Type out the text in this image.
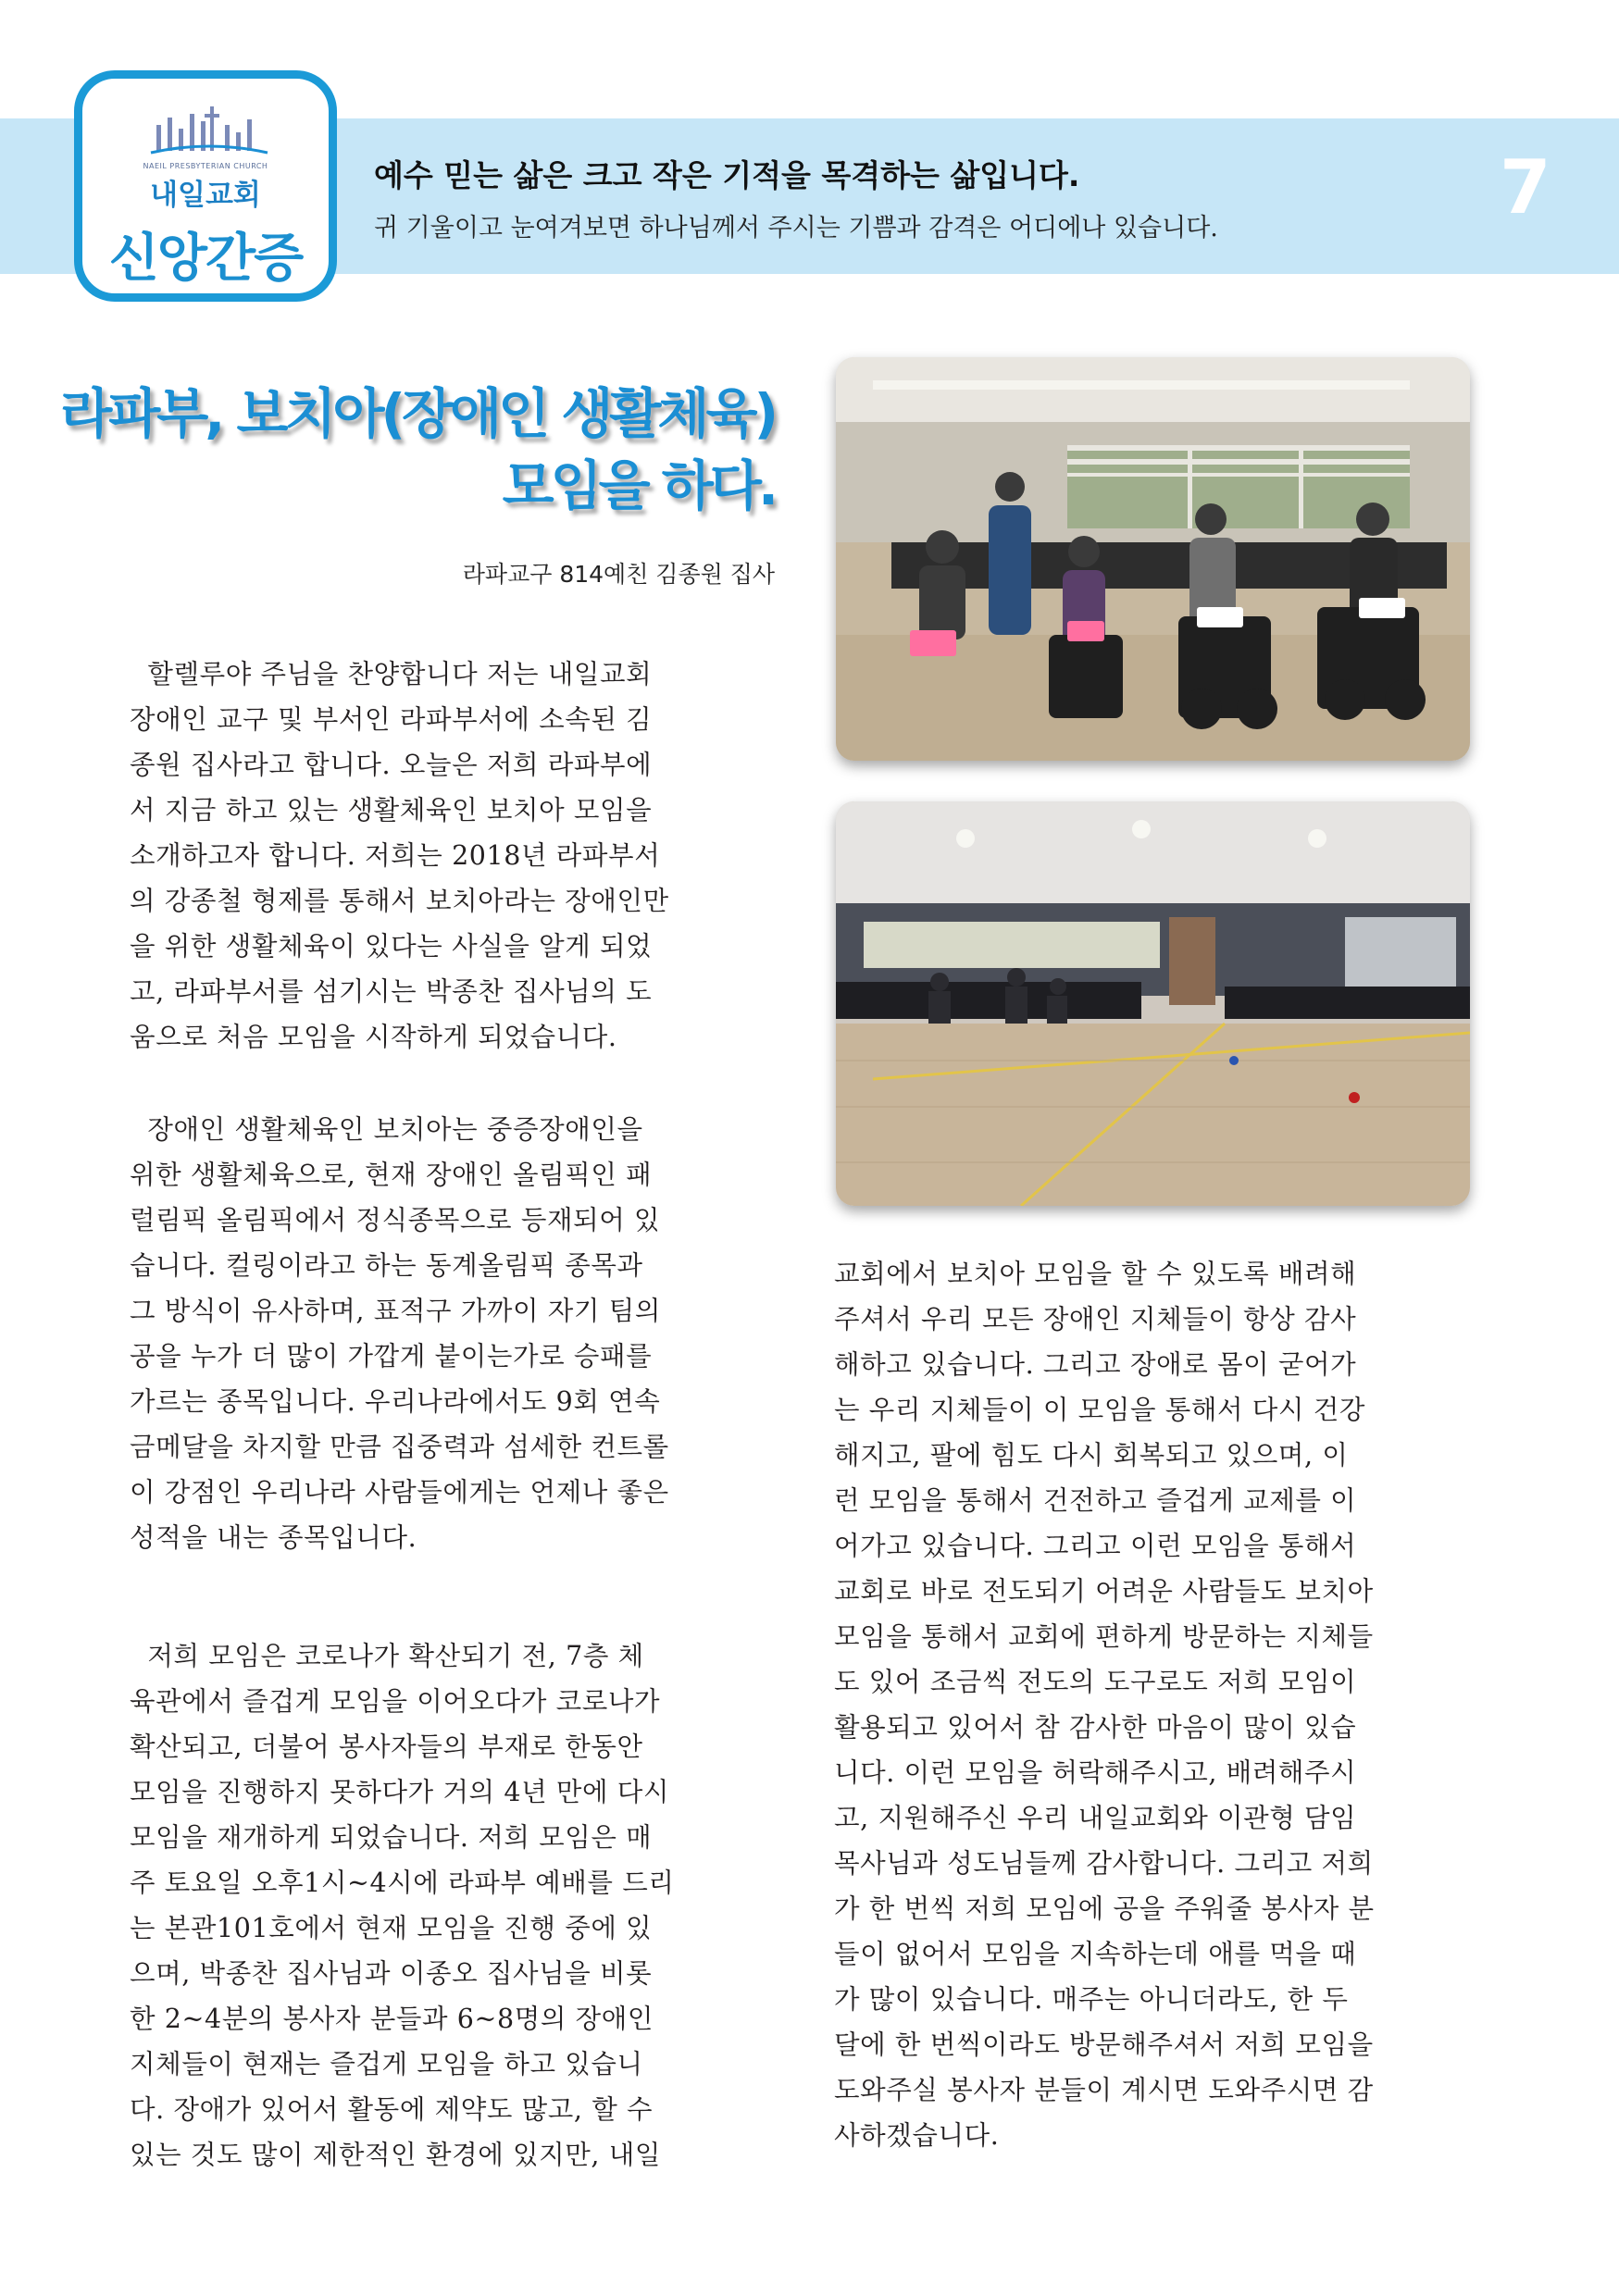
NAEIL PRESBYTERIAN CHURCH
내일교회
신앙간증
예수 믿는 삶은 크고 작은 기적을 목격하는 삶입니다.
귀 기울이고 눈여겨보면 하나님께서 주시는 기쁨과 감격은 어디에나 있습니다.	7
라파부, 보치아(장애인 생활체육)
모임을 하다.
라파교구 814예친 김종원 집사
할렐루야 주님을 찬양합니다 저는 내일교회
장애인 교구 및 부서인 라파부서에 소속된 김
종원 집사라고 합니다. 오늘은 저희 라파부에
서 지금 하고 있는 생활체육인 보치아 모임을
소개하고자 합니다. 저희는 2018년 라파부서
의 강종철 형제를 통해서 보치아라는 장애인만
을 위한 생활체육이 있다는 사실을 알게 되었
고, 라파부서를 섬기시는 박종찬 집사님의 도
움으로 처음 모임을 시작하게 되었습니다.
장애인 생활체육인 보치아는 중증장애인을
위한 생활체육으로, 현재 장애인 올림픽인 패
럴림픽 올림픽에서 정식종목으로 등재되어 있
습니다. 컬링이라고 하는 동계올림픽 종목과
그 방식이 유사하며, 표적구 가까이 자기 팀의
공을 누가 더 많이 가깝게 붙이는가로 승패를
가르는 종목입니다. 우리나라에서도 9회 연속
금메달을 차지할 만큼 집중력과 섬세한 컨트롤
이 강점인 우리나라 사람들에게는 언제나 좋은
성적을 내는 종목입니다.
저희 모임은 코로나가 확산되기 전, 7층 체
육관에서 즐겁게 모임을 이어오다가 코로나가
확산되고, 더불어 봉사자들의 부재로 한동안
모임을 진행하지 못하다가 거의 4년 만에 다시
모임을 재개하게 되었습니다. 저희 모임은 매
주 토요일 오후1시~4시에 라파부 예배를 드리
는 본관101호에서 현재 모임을 진행 중에 있
으며, 박종찬 집사님과 이종오 집사님을 비롯
한 2~4분의 봉사자 분들과 6~8명의 장애인
지체들이 현재는 즐겁게 모임을 하고 있습니
다. 장애가 있어서 활동에 제약도 많고, 할 수
있는 것도 많이 제한적인 환경에 있지만, 내일
교회에서 보치아 모임을 할 수 있도록 배려해
주셔서 우리 모든 장애인 지체들이 항상 감사
해하고 있습니다. 그리고 장애로 몸이 굳어가
는 우리 지체들이 이 모임을 통해서 다시 건강
해지고, 팔에 힘도 다시 회복되고 있으며, 이
런 모임을 통해서 건전하고 즐겁게 교제를 이
어가고 있습니다. 그리고 이런 모임을 통해서
교회로 바로 전도되기 어려운 사람들도 보치아
모임을 통해서 교회에 편하게 방문하는 지체들
도 있어 조금씩 전도의 도구로도 저희 모임이
활용되고 있어서 참 감사한 마음이 많이 있습
니다. 이런 모임을 허락해주시고, 배려해주시
고, 지원해주신 우리 내일교회와 이관형 담임
목사님과 성도님들께 감사합니다. 그리고 저희
가 한 번씩 저희 모임에 공을 주워줄 봉사자 분
들이 없어서 모임을 지속하는데 애를 먹을 때
가 많이 있습니다. 매주는 아니더라도, 한 두
달에 한 번씩이라도 방문해주셔서 저희 모임을
도와주실 봉사자 분들이 계시면 도와주시면 감
사하겠습니다.
